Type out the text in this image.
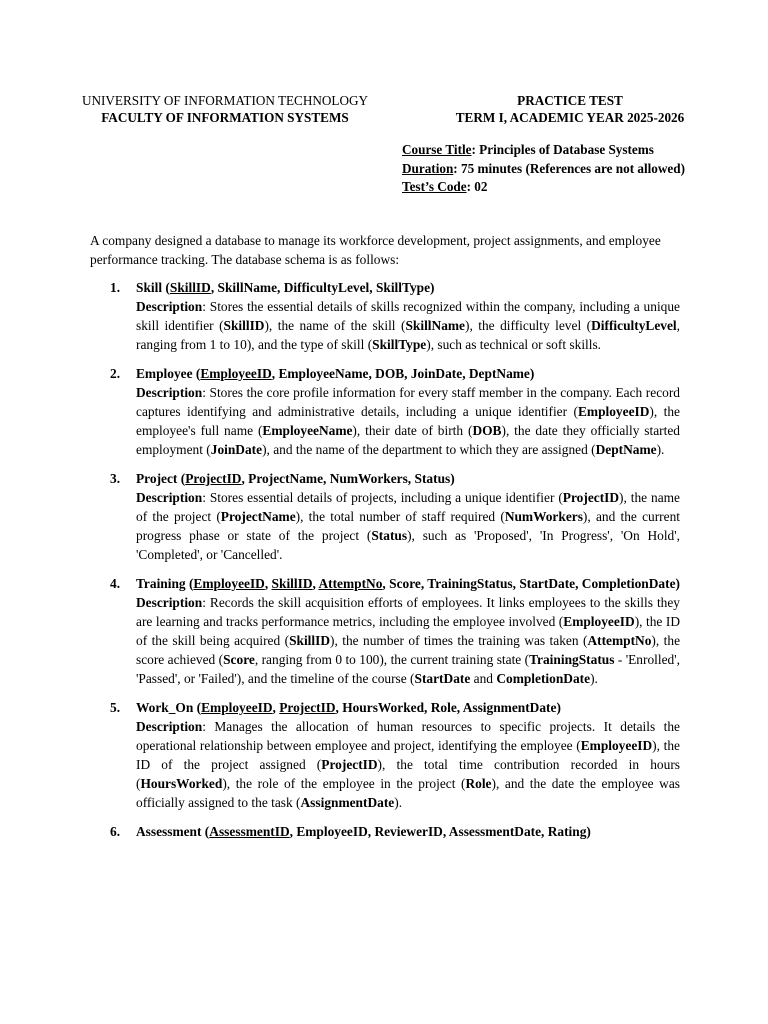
UNIVERSITY OF INFORMATION TECHNOLOGY
FACULTY OF INFORMATION SYSTEMS
PRACTICE TEST
TERM I, ACADEMIC YEAR 2025-2026
Course Title: Principles of Database Systems
Duration: 75 minutes (References are not allowed)
Test’s Code: 02
A company designed a database to manage its workforce development, project assignments, and employee performance tracking. The database schema is as follows:
1. Skill (SkillID, SkillName, DifficultyLevel, SkillType)
Description: Stores the essential details of skills recognized within the company, including a unique skill identifier (SkillID), the name of the skill (SkillName), the difficulty level (DifficultyLevel, ranging from 1 to 10), and the type of skill (SkillType), such as technical or soft skills.
2. Employee (EmployeeID, EmployeeName, DOB, JoinDate, DeptName)
Description: Stores the core profile information for every staff member in the company. Each record captures identifying and administrative details, including a unique identifier (EmployeeID), the employee's full name (EmployeeName), their date of birth (DOB), the date they officially started employment (JoinDate), and the name of the department to which they are assigned (DeptName).
3. Project (ProjectID, ProjectName, NumWorkers, Status)
Description: Stores essential details of projects, including a unique identifier (ProjectID), the name of the project (ProjectName), the total number of staff required (NumWorkers), and the current progress phase or state of the project (Status), such as 'Proposed', 'In Progress', 'On Hold', 'Completed', or 'Cancelled'.
4. Training (EmployeeID, SkillID, AttemptNo, Score, TrainingStatus, StartDate, CompletionDate)
Description: Records the skill acquisition efforts of employees. It links employees to the skills they are learning and tracks performance metrics, including the employee involved (EmployeeID), the ID of the skill being acquired (SkillID), the number of times the training was taken (AttemptNo), the score achieved (Score, ranging from 0 to 100), the current training state (TrainingStatus - 'Enrolled', 'Passed', or 'Failed'), and the timeline of the course (StartDate and CompletionDate).
5. Work_On (EmployeeID, ProjectID, HoursWorked, Role, AssignmentDate)
Description: Manages the allocation of human resources to specific projects. It details the operational relationship between employee and project, identifying the employee (EmployeeID), the ID of the project assigned (ProjectID), the total time contribution recorded in hours (HoursWorked), the role of the employee in the project (Role), and the date the employee was officially assigned to the task (AssignmentDate).
6. Assessment (AssessmentID, EmployeeID, ReviewerID, AssessmentDate, Rating)
